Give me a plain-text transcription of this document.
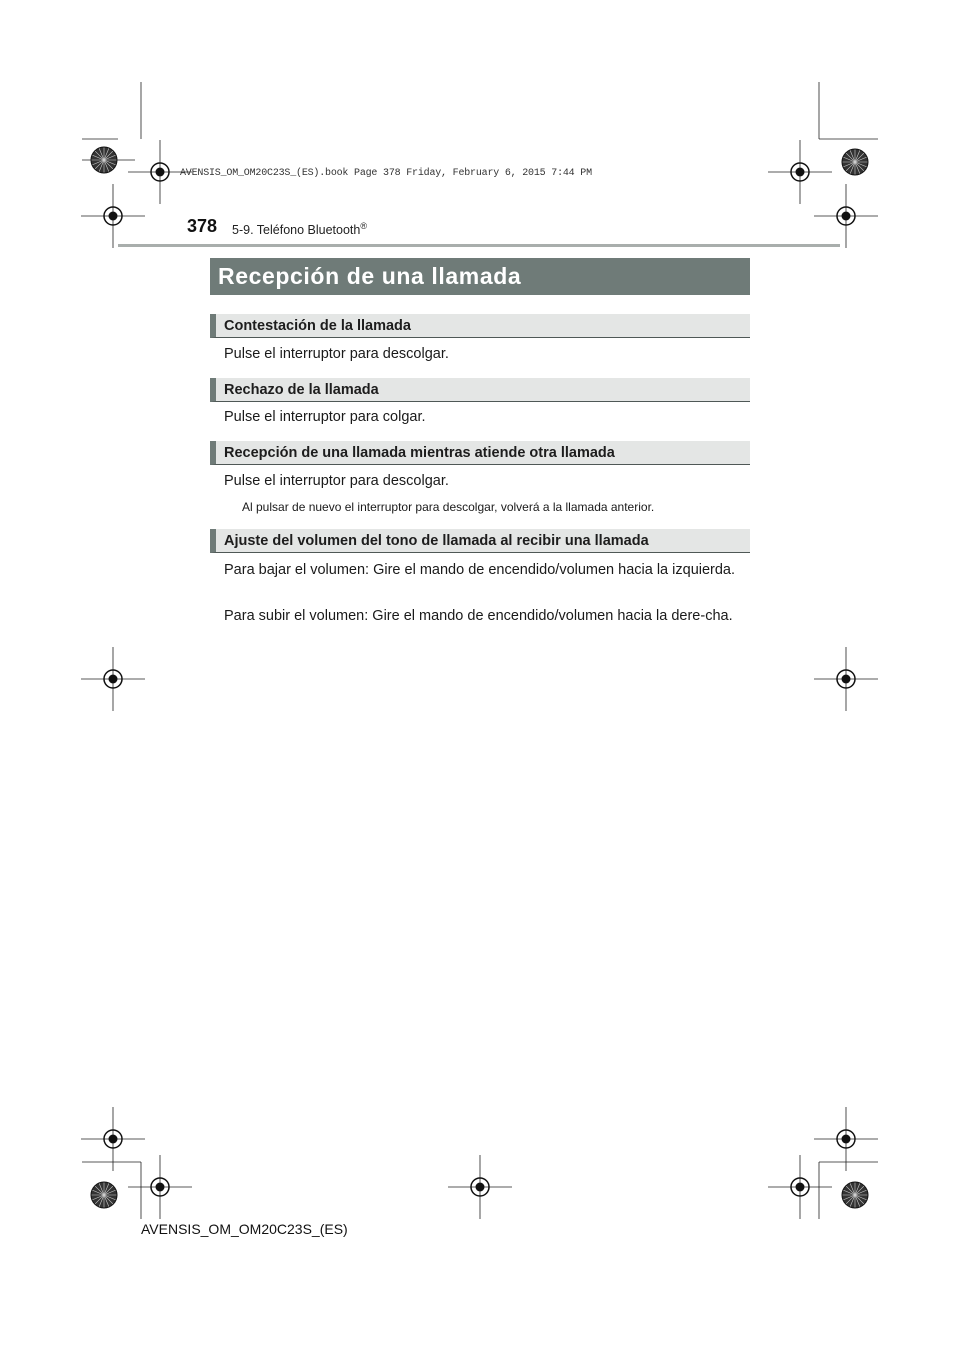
AVENSIS_OM_OM20C23S_(ES).book Page 378 Friday, February 6, 2015 7:44 PM
378 5-9. Teléfono Bluetooth®
Recepción de una llamada
Contestación de la llamada
Pulse el interruptor para descolgar.
Rechazo de la llamada
Pulse el interruptor para colgar.
Recepción de una llamada mientras atiende otra llamada
Pulse el interruptor para descolgar.
Al pulsar de nuevo el interruptor para descolgar, volverá a la llamada anterior.
Ajuste del volumen del tono de llamada al recibir una llamada
Para bajar el volumen: Gire el mando de encendido/volumen hacia la izquierda.
Para subir el volumen: Gire el mando de encendido/volumen hacia la dere-cha.
AVENSIS_OM_OM20C23S_(ES)
